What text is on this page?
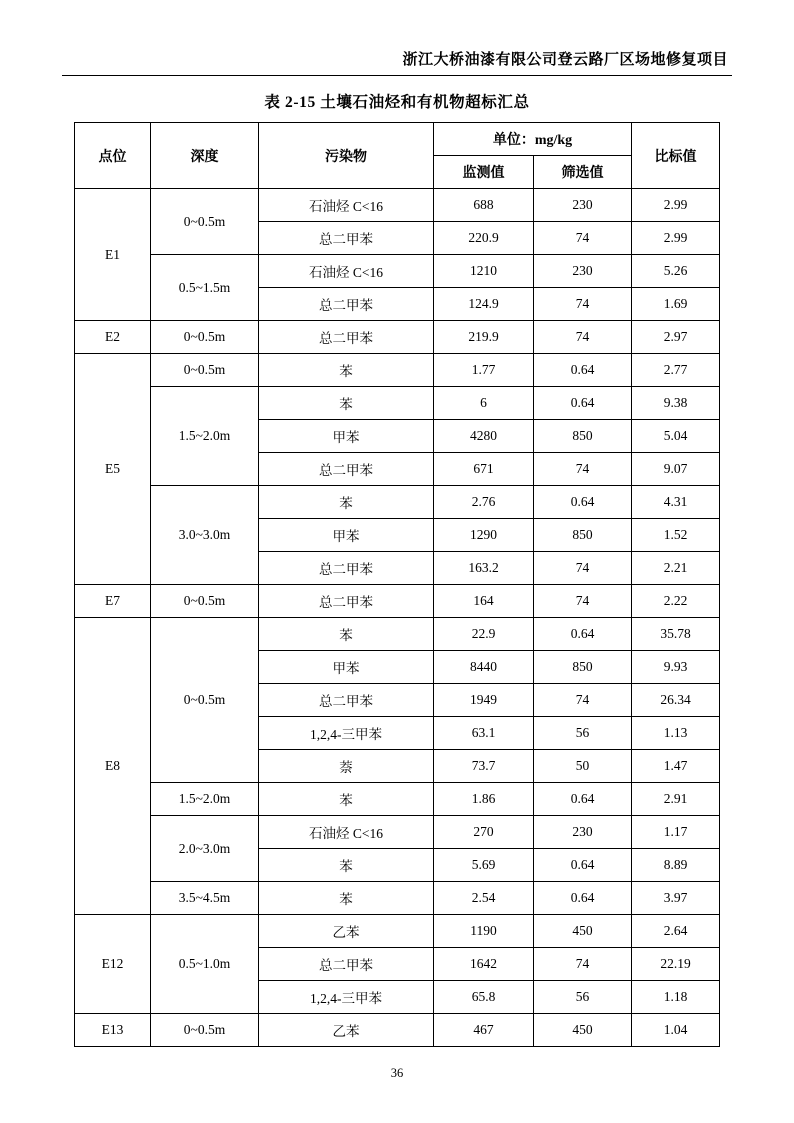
浙江大桥油漆有限公司登云路厂区场地修复项目
表 2-15 土壤石油烃和有机物超标汇总
点位	深度	污染物	单位：mg/kg		比标值
			监测值	筛选值	
E1	0~0.5m	石油烃 C<16	688	230	2.99
		总二甲苯	220.9	74	2.99
	0.5~1.5m	石油烃 C<16	1210	230	5.26
		总二甲苯	124.9	74	1.69
E2	0~0.5m	总二甲苯	219.9	74	2.97
E5	0~0.5m	苯	1.77	0.64	2.77
	1.5~2.0m	苯	6	0.64	9.38
		甲苯	4280	850	5.04
		总二甲苯	671	74	9.07
	3.0~3.0m	苯	2.76	0.64	4.31
		甲苯	1290	850	1.52
		总二甲苯	163.2	74	2.21
E7	0~0.5m	总二甲苯	164	74	2.22
E8	0~0.5m	苯	22.9	0.64	35.78
		甲苯	8440	850	9.93
		总二甲苯	1949	74	26.34
		1,2,4-三甲苯	63.1	56	1.13
		萘	73.7	50	1.47
	1.5~2.0m	苯	1.86	0.64	2.91
	2.0~3.0m	石油烃 C<16	270	230	1.17
		苯	5.69	0.64	8.89
	3.5~4.5m	苯	2.54	0.64	3.97
E12	0.5~1.0m	乙苯	1190	450	2.64
		总二甲苯	1642	74	22.19
		1,2,4-三甲苯	65.8	56	1.18
E13	0~0.5m	乙苯	467	450	1.04
36
